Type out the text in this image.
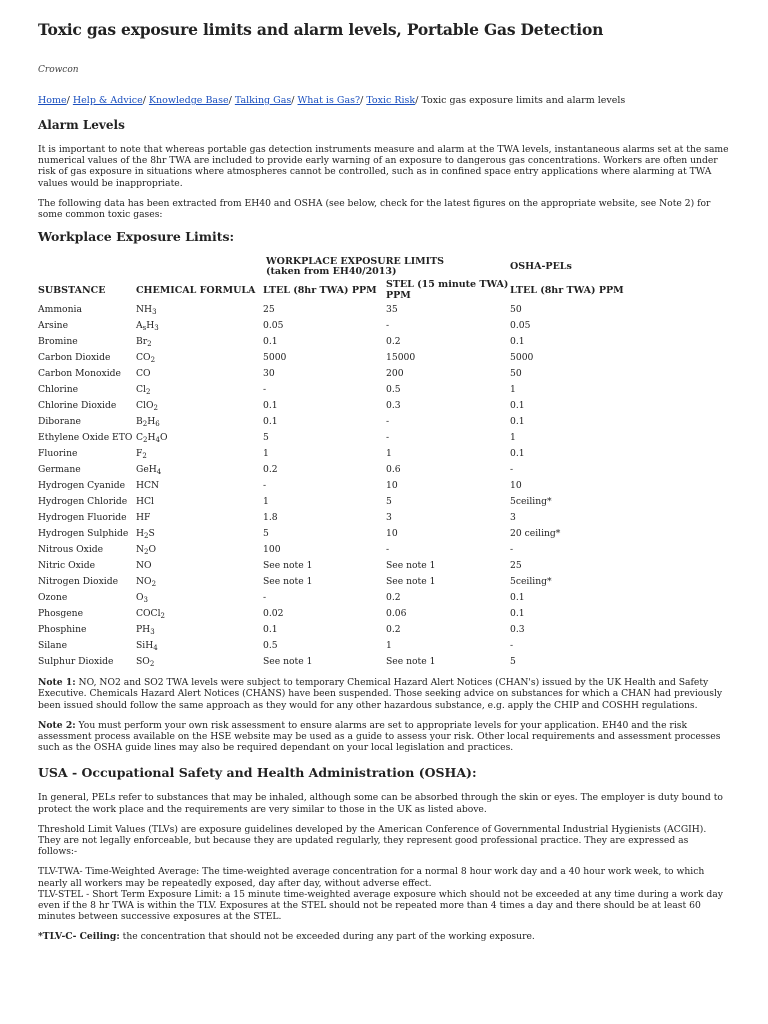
Toxic gas exposure limits and alarm levels, Portable Gas Detection
Crowcon
Home/ Help & Advice/ Knowledge Base/ Talking Gas/ What is Gas?/ Toxic Risk/ Toxic gas exposure limits and alarm levels
Alarm Levels

It is important to note that whereas portable gas detection instruments measure and alarm at the TWA levels, instantaneous alarms set at the same numerical values of the 8hr TWA are included to provide early warning of an exposure to dangerous gas concentrations. Workers are often under risk of gas exposure in situations where atmospheres cannot be controlled, such as in confined space entry applications where alarming at TWA values would be inappropriate.

The following data has been extracted from EH40 and OSHA (see below, check for the latest figures on the appropriate website, see Note 2) for some common toxic gases:

Workplace Exposure Limits:

		WORKPLACE EXPOSURE LIMITS
(taken from EH40/2013)		OSHA-PELs
SUBSTANCE	CHEMICAL FORMULA	LTEL (8hr TWA) PPM	STEL (15 minute TWA) PPM	LTEL (8hr TWA) PPM
Ammonia	$NH_3$	25	35	50
Arsine	$A_sH_3$	0.05	-	0.05
Bromine	$Br_2$	0.1	0.2	0.1
Carbon Dioxide	$CO_2$	5000	15000	5000
Carbon Monoxide	CO	30	200	50
Chlorine	$Cl_2$	-	0.5	1
Chlorine Dioxide	ClO$_2$	0.1	0.3	0.1
Diborane	$B_2H_6$	0.1	-	0.1
Ethylene Oxide ETO	$C_2H_4O$	5	-	1
Fluorine	$F_2$	1	1	0.1
Germane	GeH$_4$	0.2	0.6	-
Hydrogen Cyanide	HCN	-	10	10
Hydrogen Chloride	HCl	1	5	5ceiling*
Hydrogen Fluoride	HF	1.8	3	3
Hydrogen Sulphide	$H_2S$	5	10	20 ceiling*
Nitrous Oxide	$N_2O$	100	-	-
Nitric Oxide	NO	See note 1	See note 1	25
Nitrogen Dioxide	$NO_2$	See note 1	See note 1	5ceiling*
Ozone	$O_3$	-	0.2	0.1
Phosgene	COCl$_2$	0.02	0.06	0.1
Phosphine	$PH_3$	0.1	0.2	0.3
Silane	SiH$_4$	0.5	1	-
Sulphur Dioxide	$SO_2$	See note 1	See note 1	5

Note 1: NO, NO2 and SO2 TWA levels were subject to temporary Chemical Hazard Alert Notices (CHAN's) issued by the UK Health and Safety Executive. Chemicals Hazard Alert Notices (CHANS) have been suspended. Those seeking advice on substances for which a CHAN had previously been issued should follow the same approach as they would for any other hazardous substance, e.g. apply the CHIP and COSHH regulations.

Note 2: You must perform your own risk assessment to ensure alarms are set to appropriate levels for your application. EH40 and the risk assessment process available on the HSE website may be used as a guide to assess your risk. Other local requirements and assessment processes such as the OSHA guide lines may also be required dependant on your local legislation and practices.

USA - Occupational Safety and Health Administration (OSHA):

In general, PELs refer to substances that may be inhaled, although some can be absorbed through the skin or eyes. The employer is duty bound to protect the work place and the requirements are very similar to those in the UK as listed above.

Threshold Limit Values (TLVs) are exposure guidelines developed by the American Conference of Governmental Industrial Hygienists (ACGIH). They are not legally enforceable, but because they are updated regularly, they represent good professional practice. They are expressed as follows:-

TLV-TWA- Time-Weighted Average: The time-weighted average concentration for a normal 8 hour work day and a 40 hour work week, to which nearly all workers may be repeatedly exposed, day after day, without adverse effect.

TLV-STEL - Short Term Exposure Limit: a 15 minute time-weighted average exposure which should not be exceeded at any time during a work day even if the 8 hr TWA is within the TLV. Exposures at the STEL should not be repeated more than 4 times a day and there should be at least 60 minutes between successive exposures at the STEL.

*TLV-C- Ceiling: the concentration that should not be exceeded during any part of the working exposure.
